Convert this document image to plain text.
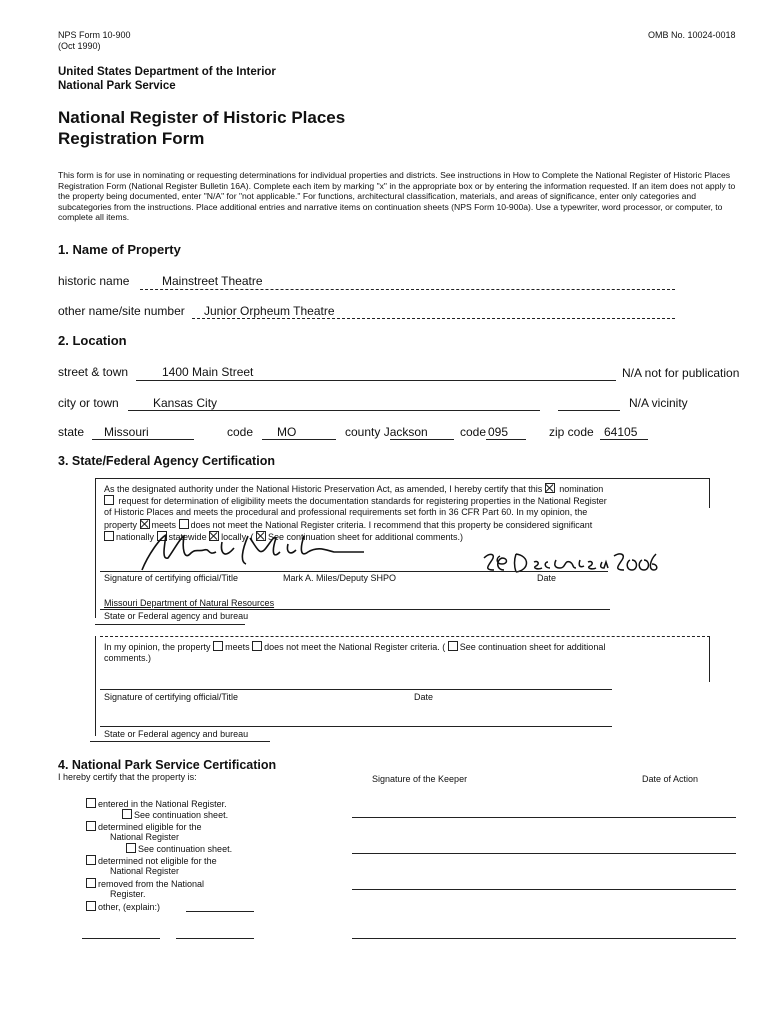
NPS Form 10-900
(Oct 1990)
OMB No. 10024-0018
United States Department of the Interior
National Park Service
National Register of Historic Places
Registration Form
This form is for use in nominating or requesting determinations for individual properties and districts. See instructions in How to Complete the National Register of Historic Places Registration Form (National Register Bulletin 16A). Complete each item by marking "x" in the appropriate box or by entering the information requested. If an item does not apply to the property being documented, enter "N/A" for "not applicable." For functions, architectural classification, materials, and areas of significance, enter only categories and subcategories from the instructions. Place additional entries and narrative items on continuation sheets (NPS Form 10-900a). Use a typewriter, word processor, or computer, to complete all items.
1. Name of Property
historic name	Mainstreet Theatre
other name/site number Junior Orpheum Theatre
2. Location
street & town	1400 Main Street	N/A not for publication
city or town	Kansas City	N/A vicinity
state Missouri	code MO	county Jackson	code 095	zip code 64105
3. State/Federal Agency Certification
As the designated authority under the National Historic Preservation Act, as amended, I hereby certify that this nomination
request for determination of eligibility meets the documentation standards for registering properties in the National Register
of Historic Places and meets the procedural and professional requirements set forth in 36 CFR Part 60. In my opinion, the
property meets does not meet the National Register criteria. I recommend that this property be considered significant
nationally statewide locally. ( See continuation sheet for additional comments.)
Signature of certifying official/Title	Mark A. Miles/Deputy SHPO	Date
Missouri Department of Natural Resources
State or Federal agency and bureau
In my opinion, the property meets does not meet the National Register criteria. ( See continuation sheet for additional
comments.)
Signature of certifying official/Title	Date
State or Federal agency and bureau
4. National Park Service Certification
I hereby certify that the property is:	Signature of the Keeper	Date of Action
entered in the National Register.
See continuation sheet.
determined eligible for the
National Register
See continuation sheet.
determined not eligible for the
National Register
removed from the National
Register.
other, (explain:)
